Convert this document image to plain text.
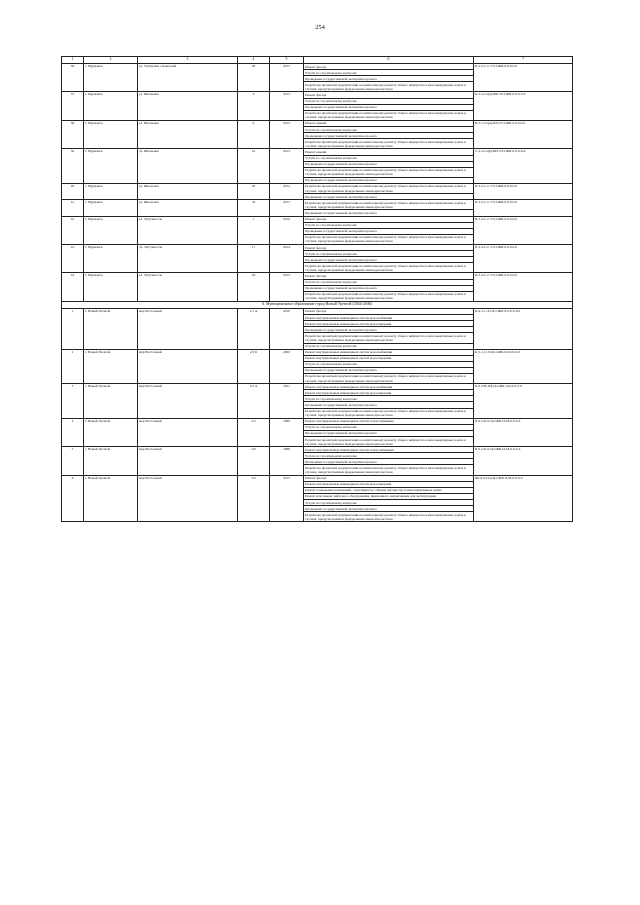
254
1	2	3	4	5	6	7
36	г. Мурманск	ул. Уральских строителей	28	2015	Ремонт фасада	II-5-3-С-С-ТЗ-СЖБ-0-0-0-0-0
					Услуги по строительному контролю	
					Проведение государственной экспертизы проекта	
					Разработка проектной документации на капитальному ремонту общего имущества в многоквартирных домах в случаях, предусмотренных федеральным законодательством	
37	г. Мурманск	ул. Школьная	3	2013	Ремонт фасада	К-3-2-Сл(в)-ИФ-ТЗ-СЖБ-0-0-0-0-0
					Услуги по строительному контролю	
					Проведение государственной экспертизы проекта	
					Разработка проектной документации на капитальному ремонту общего имущества в многоквартирных домах в случаях, предусмотренных федеральным законодательством	
38	г. Мурманск	ул. Школьная	6	2013	Ремонт крыши	К-3-7-Сл(в)-ИЛ-ТЗ-СЖБ-0-0-0-0-0
					Услуги по строительному контролю	
					Проведение государственной экспертизы проекта	
					Разработка проектной документации на капитальному ремонту общего имущества в многоквартирных домах в случаях, предусмотренных федеральным законодательством	
39	г. Мурманск	ул. Школьная	10	2013	Ремонт крыши	С-3-2-Сл(в)-ИП-ТЗ-СЖБ-0-0-0-0-0
					Услуги по строительному контролю	
					Проведение государственной экспертизы проекта	
					Разработка проектной документации на капитальному ремонту общего имущества в многоквартирных домах в случаях, предусмотренных федеральным законодательством	
					Проведение государственной экспертизы проекта	
40	г. Мурманск	ул. Школьная	29	2012	Разработка проектной документации на капитальному ремонту общего имущества в многоквартирных домах в случаях, предусмотренных федеральным законодательством	II-3-2-С-С-ТЗ-СЖБ-0-0-0-0-0
					Проведение государственной экспертизы проекта	
41	г. Мурманск	ул. Школьная	34	2013	Разработка проектной документации на капитальному ремонту общего имущества в многоквартирных домах в случаях, предусмотренных федеральным законодательством	К-3-3-С-С-ТЗ-СЖБ-0-0-0-0-0
					Проведение государственной экспертизы проекта	
42	г. Мурманск	ул. Энтузиастов	1	2016	Ремонт фасада	II-3-3-С-С-ТЗ-СЖБ-0-0-0-0-0
					Услуги по строительному контролю	
					Проведение государственной экспертизы проекта	
					Разработка проектной документации на капитальному ремонту общего имущества в многоквартирных домах в случаях, предусмотренных федеральным законодательством	
43	г. Мурманск	ул. Энтузиастов	17	2014	Ремонт фасада	II-3-3-С-С-ТЗ-СЖБ-0-0-0-0-0
					Услуги по строительному контролю	
					Проведение государственной экспертизы проекта	
					Разработка проектной документации на капитальному ремонту общего имущества в многоквартирных домах в случаях, предусмотренных федеральным законодательством	
44	г. Мурманск	ул. Энтузиастов	29	2013	Ремонт фасада	II-3-3-С-С-ТЗ-СЖБ-0-0-0-0-0
					Услуги по строительному контролю	
					Проведение государственной экспертизы проекта	
					Разработка проектной документации на капитальному ремонту общего имущества в многоквартирных домах в случаях, предусмотренных федеральным законодательством	
6. Муниципальное образование город Новый Уренгой (2044-2046)						
1	г. Новый Уренгой	мкр Восточный	1/1 А	2010	Ремонт фасада	К-9-1-1-Эл-Ц-СЖБ-Л-0-0-0-0-0
					Ремонт внутридомовых инженерных систем водоснабжения	
					Ремонт внутридомовых инженерных систем водоотведения	
					Проведение государственной экспертизы проекта	
					Разработка проектной документации на капитальному ремонту общего имущества в многоквартирных домах в случаях, предусмотренных федеральным законодательством	
					Услуги по строительному контролю	
2	г. Новый Уренгой	мкр Восточный	2/2 Б	2000	Ремонт внутридомовых инженерных систем водоснабжения	К-5-1-11-П-Ц-СЖБ-0-0-0-0-0-0
					Ремонт внутридомовых инженерных систем водоотведения	
					Услуги по строительному контролю	
					Проведение государственной экспертизы проекта	
					Разработка проектной документации на капитальному ремонту общего имущества в многоквартирных домах в случаях, предусмотренных федеральным законодательством	
3	г. Новый Уренгой	мкр Восточный	2/3 А	2011	Ремонт внутридомовых инженерных систем водоснабжения	К-9-2-Н-Пф-Ц-СЖБ-Л-0-0-0-0-0
					Ремонт внутридомовых инженерных систем водоотведения	
					Услуги по строительному контролю	
					Проведение государственной экспертизы проекта	
					Разработка проектной документации на капитальному ремонту общего имущества в многоквартирных домах в случаях, предусмотренных федеральным законодательством	
4	г. Новый Уренгой	мкр Восточный	2/5	1989	Ремонт внутридомовых инженерных систем теплоснабжения	II-9-2-П-0-Ц-СЖБ-П-М-0-0-0-0
					Услуги по строительному контролю	
					Проведение государственной экспертизы проекта	
					Разработка проектной документации на капитальному ремонту общего имущества в многоквартирных домах в случаях, предусмотренных федеральным законодательством	
5	г. Новый Уренгой	мкр Восточный	2/6	1988	Ремонт внутридомовых инженерных систем теплоснабжения	II-9-2-П-0-Ц-СЖБ-П-М-0-0-0-0
					Услуги по строительному контролю	
					Проведение государственной экспертизы проекта	
					Разработка проектной документации на капитальному ремонту общего имущества в многоквартирных домах в случаях, предусмотренных федеральным законодательством	
6	г. Новый Уренгой	мкр Восточный	3/2	2015	Ремонт фасада	IIК-9-2-П-0-Ц-СЖБ-Л-М-0-0-0-0
					Ремонт внутридомовых инженерных систем водоотведения	
					Ремонт подвальных помещений, относящихся к общему имуществу в многоквартирных домах	
					Ремонт или замена лифтового оборудования, признанного непригодным для эксплуатации	
					Услуги по строительному контролю	
					Проведение государственной экспертизы проекта	
					Разработка проектной документации на капитальному ремонту общего имущества в многоквартирных домах в случаях, предусмотренных федеральным законодательством	
